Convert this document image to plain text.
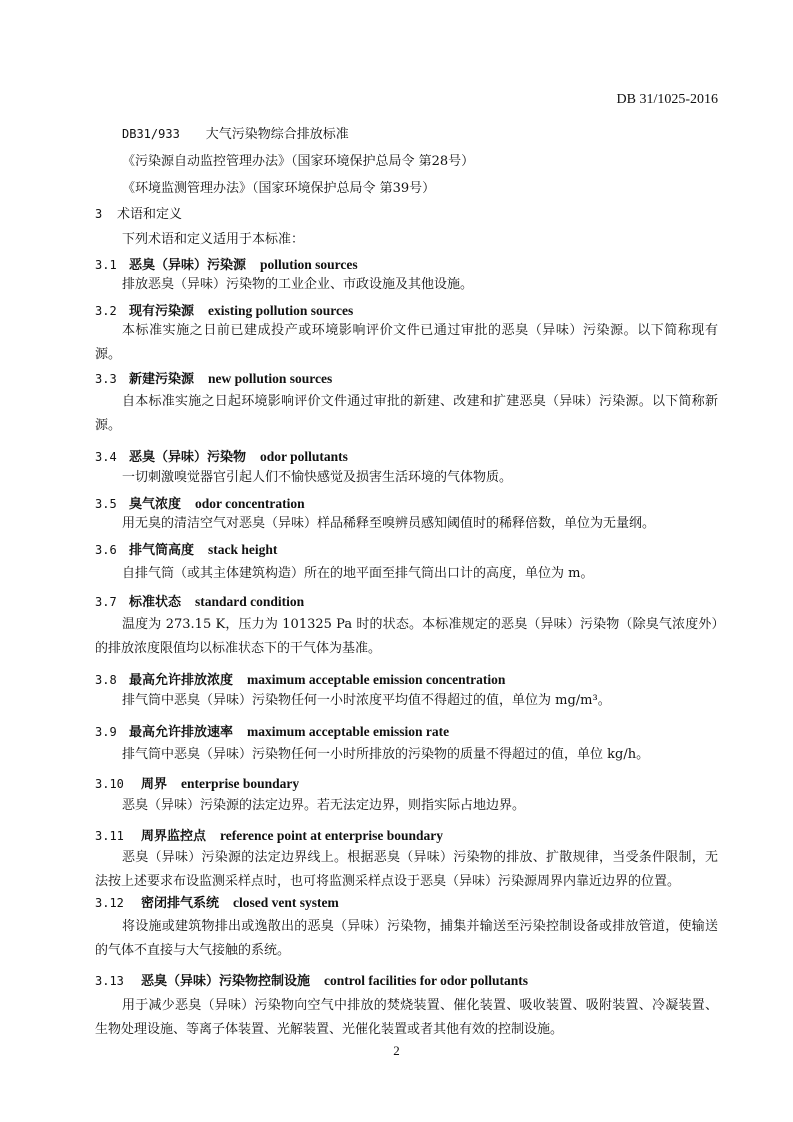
DB 31/1025-2016
DB31/933 大气污染物综合排放标准
《污染源自动监控管理办法》（国家环境保护总局令 第28号）
《环境监测管理办法》（国家环境保护总局令 第39号）
3 术语和定义
下列术语和定义适用于本标准：
3.1 恶臭（异味）污染源 pollution sources
排放恶臭（异味）污染物的工业企业、市政设施及其他设施。
3.2 现有污染源 existing pollution sources
本标准实施之日前已建成投产或环境影响评价文件已通过审批的恶臭（异味）污染源。以下简称现有源。
3.3 新建污染源 new pollution sources
自本标准实施之日起环境影响评价文件通过审批的新建、改建和扩建恶臭（异味）污染源。以下简称新源。
3.4 恶臭（异味）污染物 odor pollutants
一切刺激嗅觉器官引起人们不愉快感觉及损害生活环境的气体物质。
3.5 臭气浓度 odor concentration
用无臭的清洁空气对恶臭（异味）样品稀释至嗅辨员感知阈值时的稀释倍数，单位为无量纲。
3.6 排气筒高度 stack height
自排气筒（或其主体建筑构造）所在的地平面至排气筒出口计的高度，单位为 m。
3.7 标准状态 standard condition
温度为 273.15 K，压力为 101325 Pa 时的状态。本标准规定的恶臭（异味）污染物（除臭气浓度外）的排放浓度限值均以标准状态下的干气体为基准。
3.8 最高允许排放浓度 maximum acceptable emission concentration
排气筒中恶臭（异味）污染物任何一小时浓度平均值不得超过的值，单位为 mg/m³。
3.9 最高允许排放速率 maximum acceptable emission rate
排气筒中恶臭（异味）污染物任何一小时所排放的污染物的质量不得超过的值，单位 kg/h。
3.10 周界 enterprise boundary
恶臭（异味）污染源的法定边界。若无法定边界，则指实际占地边界。
3.11 周界监控点 reference point at enterprise boundary
恶臭（异味）污染源的法定边界线上。根据恶臭（异味）污染物的排放、扩散规律，当受条件限制，无法按上述要求布设监测采样点时，也可将监测采样点设于恶臭（异味）污染源周界内靠近边界的位置。
3.12 密闭排气系统 closed vent system
将设施或建筑物排出或逸散出的恶臭（异味）污染物，捕集并输送至污染控制设备或排放管道，使输送的气体不直接与大气接触的系统。
3.13 恶臭（异味）污染物控制设施 control facilities for odor pollutants
用于减少恶臭（异味）污染物向空气中排放的焚烧装置、催化装置、吸收装置、吸附装置、冷凝装置、生物处理设施、等离子体装置、光解装置、光催化装置或者其他有效的控制设施。
2
